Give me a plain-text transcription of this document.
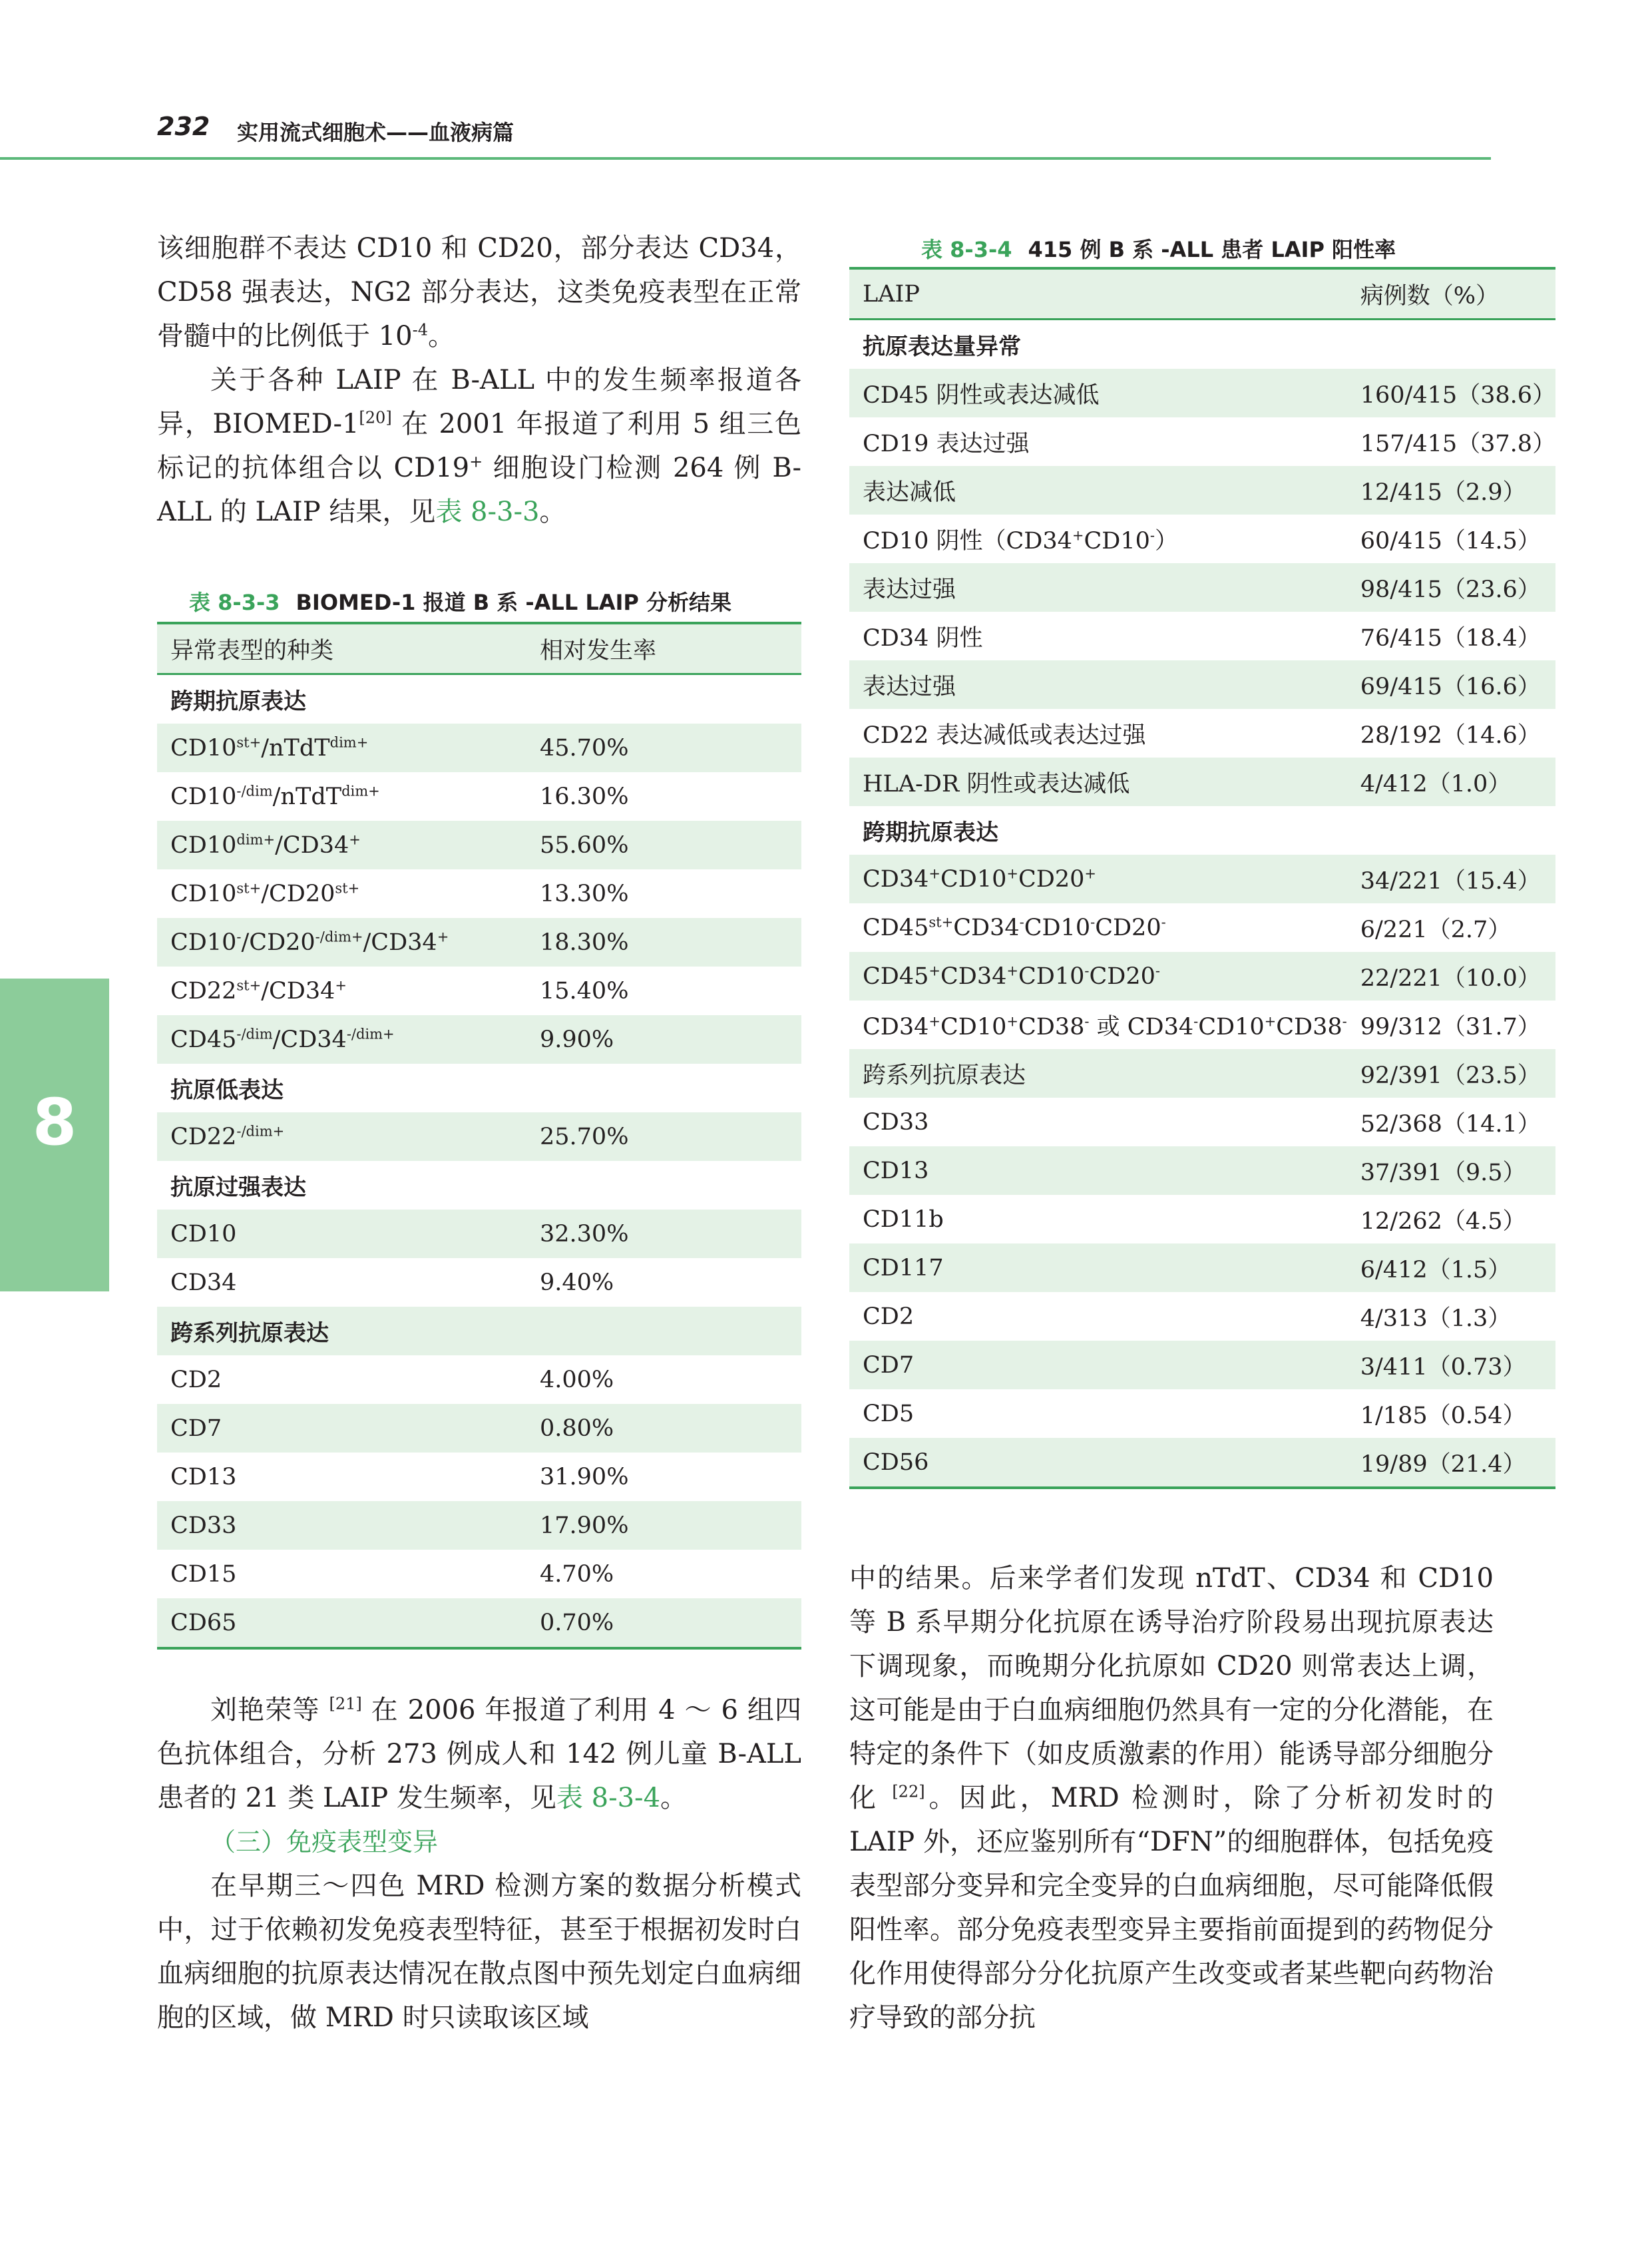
232 实用流式细胞术——血液病篇
8

该细胞群不表达 CD10 和 CD20，部分表达 CD34，CD58 强表达，NG2 部分表达，这类免疫表型在正常骨髓中的比例低于 $10^{-4}$。

关于各种 LAIP 在 B-ALL 中的发生频率报道各异，BIOMED-1[20] 在 2001 年报道了利用 5 组三色标记的抗体组合以 CD19+ 细胞设门检测 264 例 B-ALL 的 LAIP 结果，见表 8-3-3。

表 8-3-3 BIOMED-1 报道 B 系 -ALL LAIP 分析结果
异常表型的种类	相对发生率
跨期抗原表达	
$CD10^{st+}/nTdT^{dim+}$	45.70%
$CD10^{-/dim}/nTdT^{dim+}$	16.30%
$CD10^{dim+}/CD34^+$	55.60%
$CD10^{st+}/CD20^{st+}$	13.30%
$CD10^-/CD20^{-/dim+}/CD34^+$	18.30%
$CD22^{st+}/CD34^+$	15.40%
$CD45^{-/dim}/CD34^{-/dim+}$	9.90%
抗原低表达	
$CD22^{-/dim+}$	25.70%
抗原过强表达	
CD10	32.30%
CD34	9.40%
跨系列抗原表达	
CD2	4.00%
CD7	0.80%
CD13	31.90%
CD33	17.90%
CD15	4.70%
CD65	0.70%

刘艳荣等 [21] 在 2006 年报道了利用 4 ～ 6 组四色抗体组合，分析 273 例成人和 142 例儿童 B-ALL 患者的 21 类 LAIP 发生频率，见表 8-3-4。

（三）免疫表型变异

在早期三～四色 MRD 检测方案的数据分析模式中，过于依赖初发免疫表型特征，甚至于根据初发时白血病细胞的抗原表达情况在散点图中预先划定白血病细胞的区域，做 MRD 时只读取该区域

表 8-3-4 415 例 B 系 -ALL 患者 LAIP 阳性率
LAIP	病例数（%）
抗原表达量异常	
CD45 阴性或表达减低	160/415（38.6）
CD19 表达过强	157/415（37.8）
表达减低	12/415（2.9）
CD10 阴性（CD34+CD10-）	60/415（14.5）
表达过强	98/415（23.6）
CD34 阴性	76/415（18.4）
表达过强	69/415（16.6）
CD22 表达减低或表达过强	28/192（14.6）
HLA-DR 阴性或表达减低	4/412（1.0）
跨期抗原表达	
CD34+CD10+CD20+	34/221（15.4）
$CD45^{st+}CD34^-CD10^-CD20^-$	6/221（2.7）
CD45+CD34+CD10-CD20-	22/221（10.0）
CD34+CD10+CD38- 或 CD34-CD10+CD38-	99/312（31.7）
跨系列抗原表达	92/391（23.5）
CD33	52/368（14.1）
CD13	37/391（9.5）
CD11b	12/262（4.5）
CD117	6/412（1.5）
CD2	4/313（1.3）
CD7	3/411（0.73）
CD5	1/185（0.54）
CD56	19/89（21.4）

中的结果。后来学者们发现 nTdT、CD34 和 CD10 等 B 系早期分化抗原在诱导治疗阶段易出现抗原表达下调现象，而晚期分化抗原如 CD20 则常表达上调，这可能是由于白血病细胞仍然具有一定的分化潜能，在特定的条件下（如皮质激素的作用）能诱导部分细胞分化 [22]。因此，MRD 检测时，除了分析初发时的 LAIP 外，还应鉴别所有“DFN”的细胞群体，包括免疫表型部分变异和完全变异的白血病细胞，尽可能降低假阳性率。部分免疫表型变异主要指前面提到的药物促分化作用使得部分分化抗原产生改变或者某些靶向药物治疗导致的部分抗
